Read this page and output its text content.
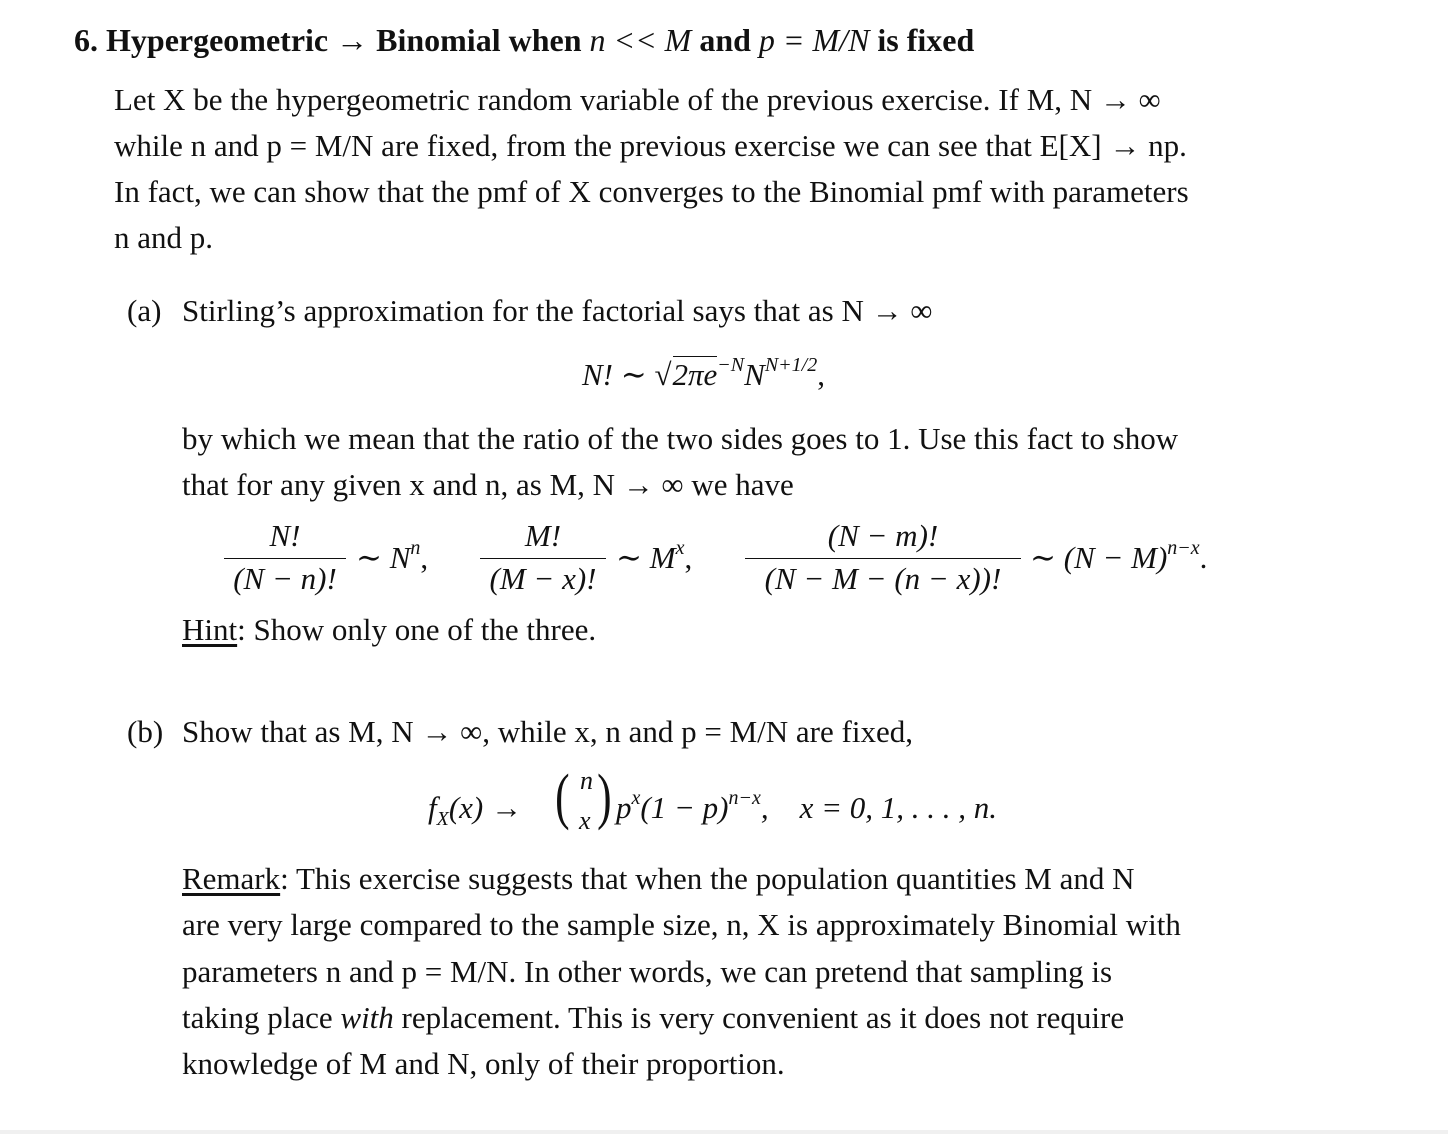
6. Hypergeometric → Binomial when n << M and p = M/N is fixed
Let X be the hypergeometric random variable of the previous exercise. If M, N → ∞
while n and p = M/N are fixed, from the previous exercise we can see that E[X] → np.
In fact, we can show that the pmf of X converges to the Binomial pmf with parameters
n and p.
(a) Stirling’s approximation for the factorial says that as N → ∞
N! ∼ $√2\pi e^{-N}N^{N+1/2}$,
by which we mean that the ratio of the two sides goes to 1. Use this fact to show
that for any given x and n, as M, N → ∞ we have
N!
(N − n)!
∼ $N^n$,
M!
(M − x)!
∼ $M^x$,
(N − m)!
(N − M − (n − x))!
∼ $(N - M)^{n-x}$.
Hint: Show only one of the three.
(b) Show that as M, N → ∞, while x, n and p = M/N are fixed,
$f_X(x)$ → ( n
x ) $p^x(1 - p)^{n-x}$,    x = 0, 1, . . . , n.
Remark: This exercise suggests that when the population quantities M and N
are very large compared to the sample size, n, X is approximately Binomial with
parameters n and p = M/N. In other words, we can pretend that sampling is
taking place with replacement. This is very convenient as it does not require
knowledge of M and N, only of their proportion.
